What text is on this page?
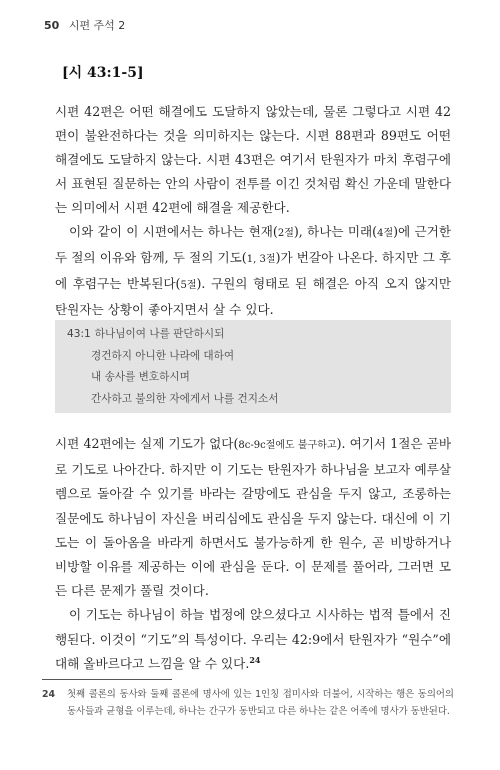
50 시편 주석 2
[시 43:1-5]

시편 42편은 어떤 해결에도 도달하지 않았는데, 물론 그렇다고 시편 42편이 불완전하다는 것을 의미하지는 않는다. 시편 88편과 89편도 어떤 해결에도 도달하지 않는다. 시편 43편은 여기서 탄원자가 마치 후렴구에서 표현된 질문하는 안의 사람이 전투를 이긴 것처럼 확신 가운데 말한다는 의미에서 시편 42편에 해결을 제공한다.

이와 같이 이 시편에서는 하나는 현재(2절), 하나는 미래(4절)에 근거한 두 절의 이유와 함께, 두 절의 기도(1, 3절)가 번갈아 나온다. 하지만 그 후에 후렴구는 반복된다(5절). 구원의 형태로 된 해결은 아직 오지 않지만 탄원자는 상황이 좋아지면서 살 수 있다.

43:1 하나님이여 나를 판단하시되
경건하지 아니한 나라에 대하여
내 송사를 변호하시며
간사하고 불의한 자에게서 나를 건지소서

시편 42편에는 실제 기도가 없다(8c-9c절에도 불구하고). 여기서 1절은 곧바로 기도로 나아간다. 하지만 이 기도는 탄원자가 하나님을 보고자 예루살렘으로 돌아갈 수 있기를 바라는 갈망에도 관심을 두지 않고, 조롱하는 질문에도 하나님이 자신을 버리심에도 관심을 두지 않는다. 대신에 이 기도는 이 돌아옴을 바라게 하면서도 불가능하게 한 원수, 곧 비방하거나 비방할 이유를 제공하는 이에 관심을 둔다. 이 문제를 풀어라, 그러면 모든 다른 문제가 풀릴 것이다.

이 기도는 하나님이 하늘 법정에 앉으셨다고 시사하는 법적 틀에서 진행된다. 이것이 “기도”의 특성이다. 우리는 42:9에서 탄원자가 “원수”에 대해 올바르다고 느낌을 알 수 있다.$^{24}$

24 첫째 콜론의 동사와 둘째 콜론에 명사에 있는 1인칭 접미사와 더불어, 시작하는 행은 동의어의 동사들과 균형을 이루는데, 하나는 간구가 동반되고 다른 하나는 같은 어족에 명사가 동반된다.
